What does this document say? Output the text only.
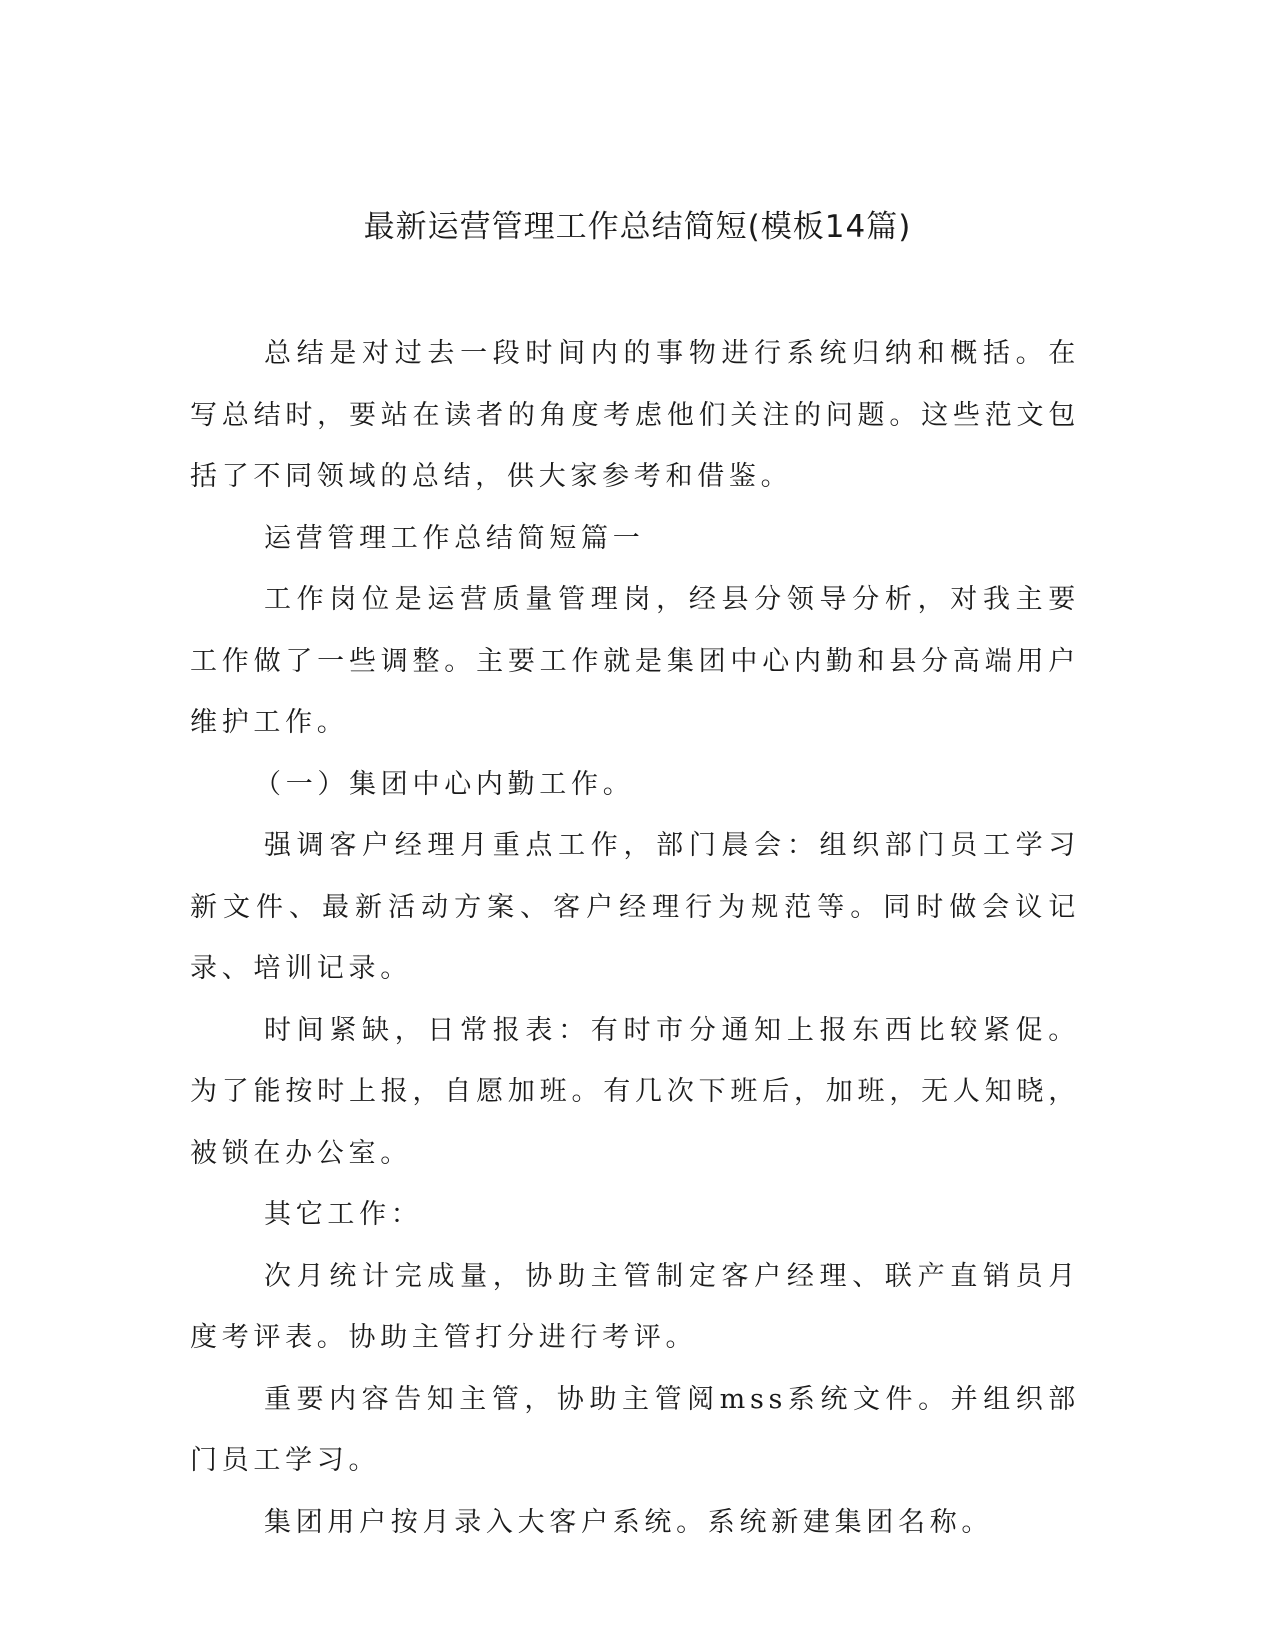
最新运营管理工作总结简短(模板14篇)

总结是对过去一段时间内的事物进行系统归纳和概括。在写总结时，要站在读者的角度考虑他们关注的问题。这些范文包括了不同领域的总结，供大家参考和借鉴。

运营管理工作总结简短篇一

工作岗位是运营质量管理岗，经县分领导分析，对我主要工作做了一些调整。主要工作就是集团中心内勤和县分高端用户维护工作。

（一）集团中心内勤工作。

强调客户经理月重点工作，部门晨会：组织部门员工学习新文件、最新活动方案、客户经理行为规范等。同时做会议记录、培训记录。

时间紧缺，日常报表：有时市分通知上报东西比较紧促。为了能按时上报，自愿加班。有几次下班后，加班，无人知晓，被锁在办公室。

其它工作：

次月统计完成量，协助主管制定客户经理、联产直销员月度考评表。协助主管打分进行考评。

重要内容告知主管，协助主管阅mss系统文件。并组织部门员工学习。

集团用户按月录入大客户系统。系统新建集团名称。
